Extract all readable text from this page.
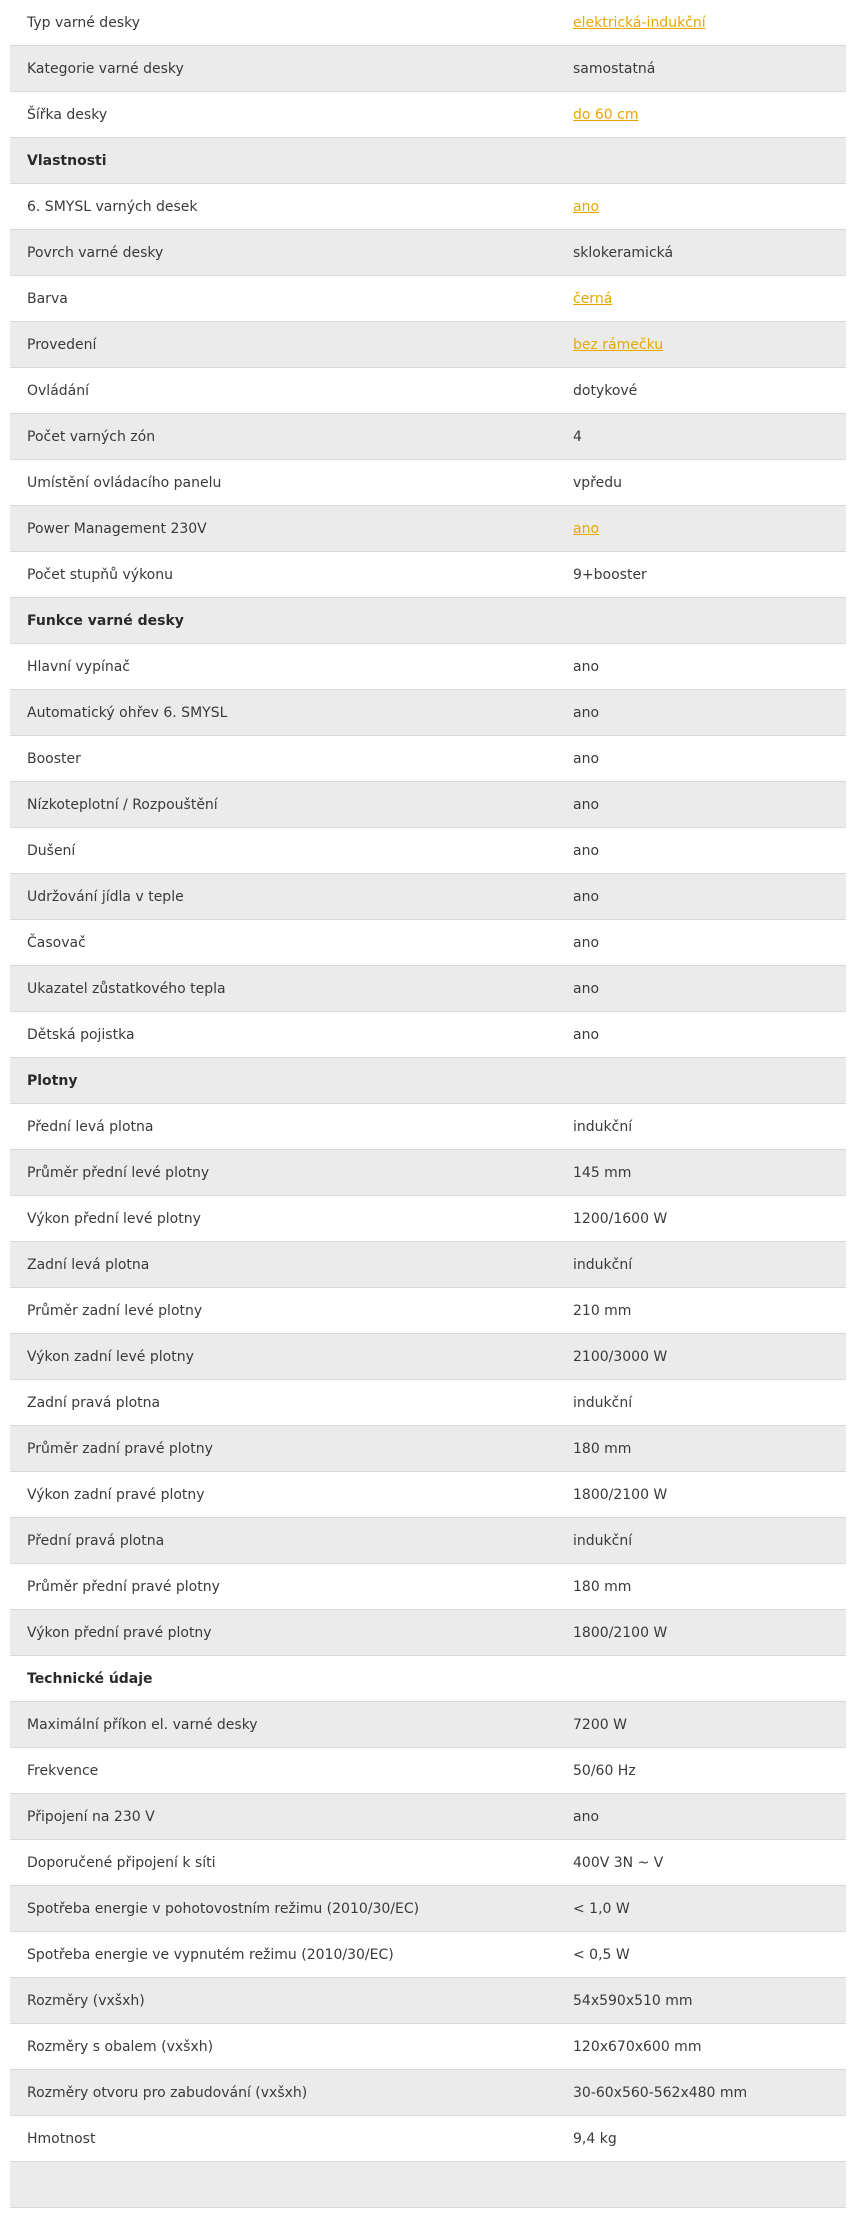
Typ varné desky	elektrická-indukční
Kategorie varné desky	samostatná
Šířka desky	do 60 cm
Vlastnosti
6. SMYSL varných desek	ano
Povrch varné desky	sklokeramická
Barva	černá
Provedení	bez rámečku
Ovládání	dotykové
Počet varných zón	4
Umístění ovládacího panelu	vpředu
Power Management 230V	ano
Počet stupňů výkonu	9+booster
Funkce varné desky
Hlavní vypínač	ano
Automatický ohřev 6. SMYSL	ano
Booster	ano
Nízkoteplotní / Rozpouštění	ano
Dušení	ano
Udržování jídla v teple	ano
Časovač	ano
Ukazatel zůstatkového tepla	ano
Dětská pojistka	ano
Plotny
Přední levá plotna	indukční
Průměr přední levé plotny	145 mm
Výkon přední levé plotny	1200/1600 W
Zadní levá plotna	indukční
Průměr zadní levé plotny	210 mm
Výkon zadní levé plotny	2100/3000 W
Zadní pravá plotna	indukční
Průměr zadní pravé plotny	180 mm
Výkon zadní pravé plotny	1800/2100 W
Přední pravá plotna	indukční
Průměr přední pravé plotny	180 mm
Výkon přední pravé plotny	1800/2100 W
Technické údaje
Maximální příkon el. varné desky	7200 W
Frekvence	50/60 Hz
Připojení na 230 V	ano
Doporučené připojení k síti	400V 3N ~ V
Spotřeba energie v pohotovostním režimu (2010/30/EC)	< 1,0 W
Spotřeba energie ve vypnutém režimu (2010/30/EC)	< 0,5 W
Rozměry (vxšxh)	54x590x510 mm
Rozměry s obalem (vxšxh)	120x670x600 mm
Rozměry otvoru pro zabudování (vxšxh)	30-60x560-562x480 mm
Hmotnost	9,4 kg
